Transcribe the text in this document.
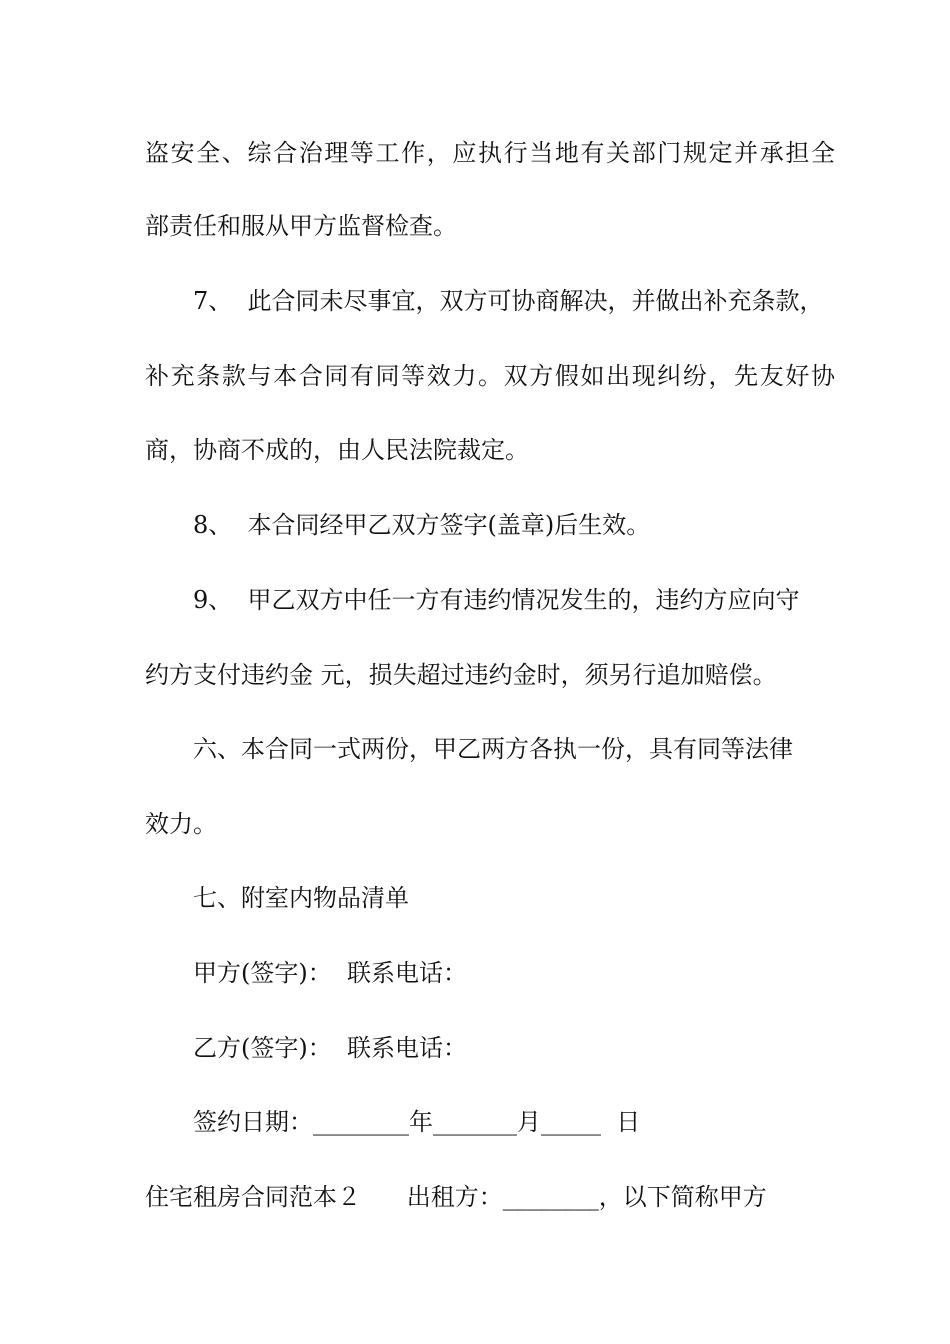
盗安全、综合治理等工作，应执行当地有关部门规定并承担全
部责任和服从甲方监督检查。
7、  此合同未尽事宜，双方可协商解决，并做出补充条款，
补充条款与本合同有同等效力。双方假如出现纠纷，先友好协
商，协商不成的，由人民法院裁定。
8、  本合同经甲乙双方签字(盖章)后生效。
9、  甲乙双方中任一方有违约情况发生的，违约方应向守
约方支付违约金 元，损失超过违约金时，须另行追加赔偿。
六、本合同一式两份，甲乙两方各执一份，具有同等法律
效力。
七、附室内物品清单
甲方(签字)：  联系电话：
乙方(签字)：  联系电话：
签约日期：________年_______月_____  日
住宅租房合同范本２      出租方：________，以下简称甲方
